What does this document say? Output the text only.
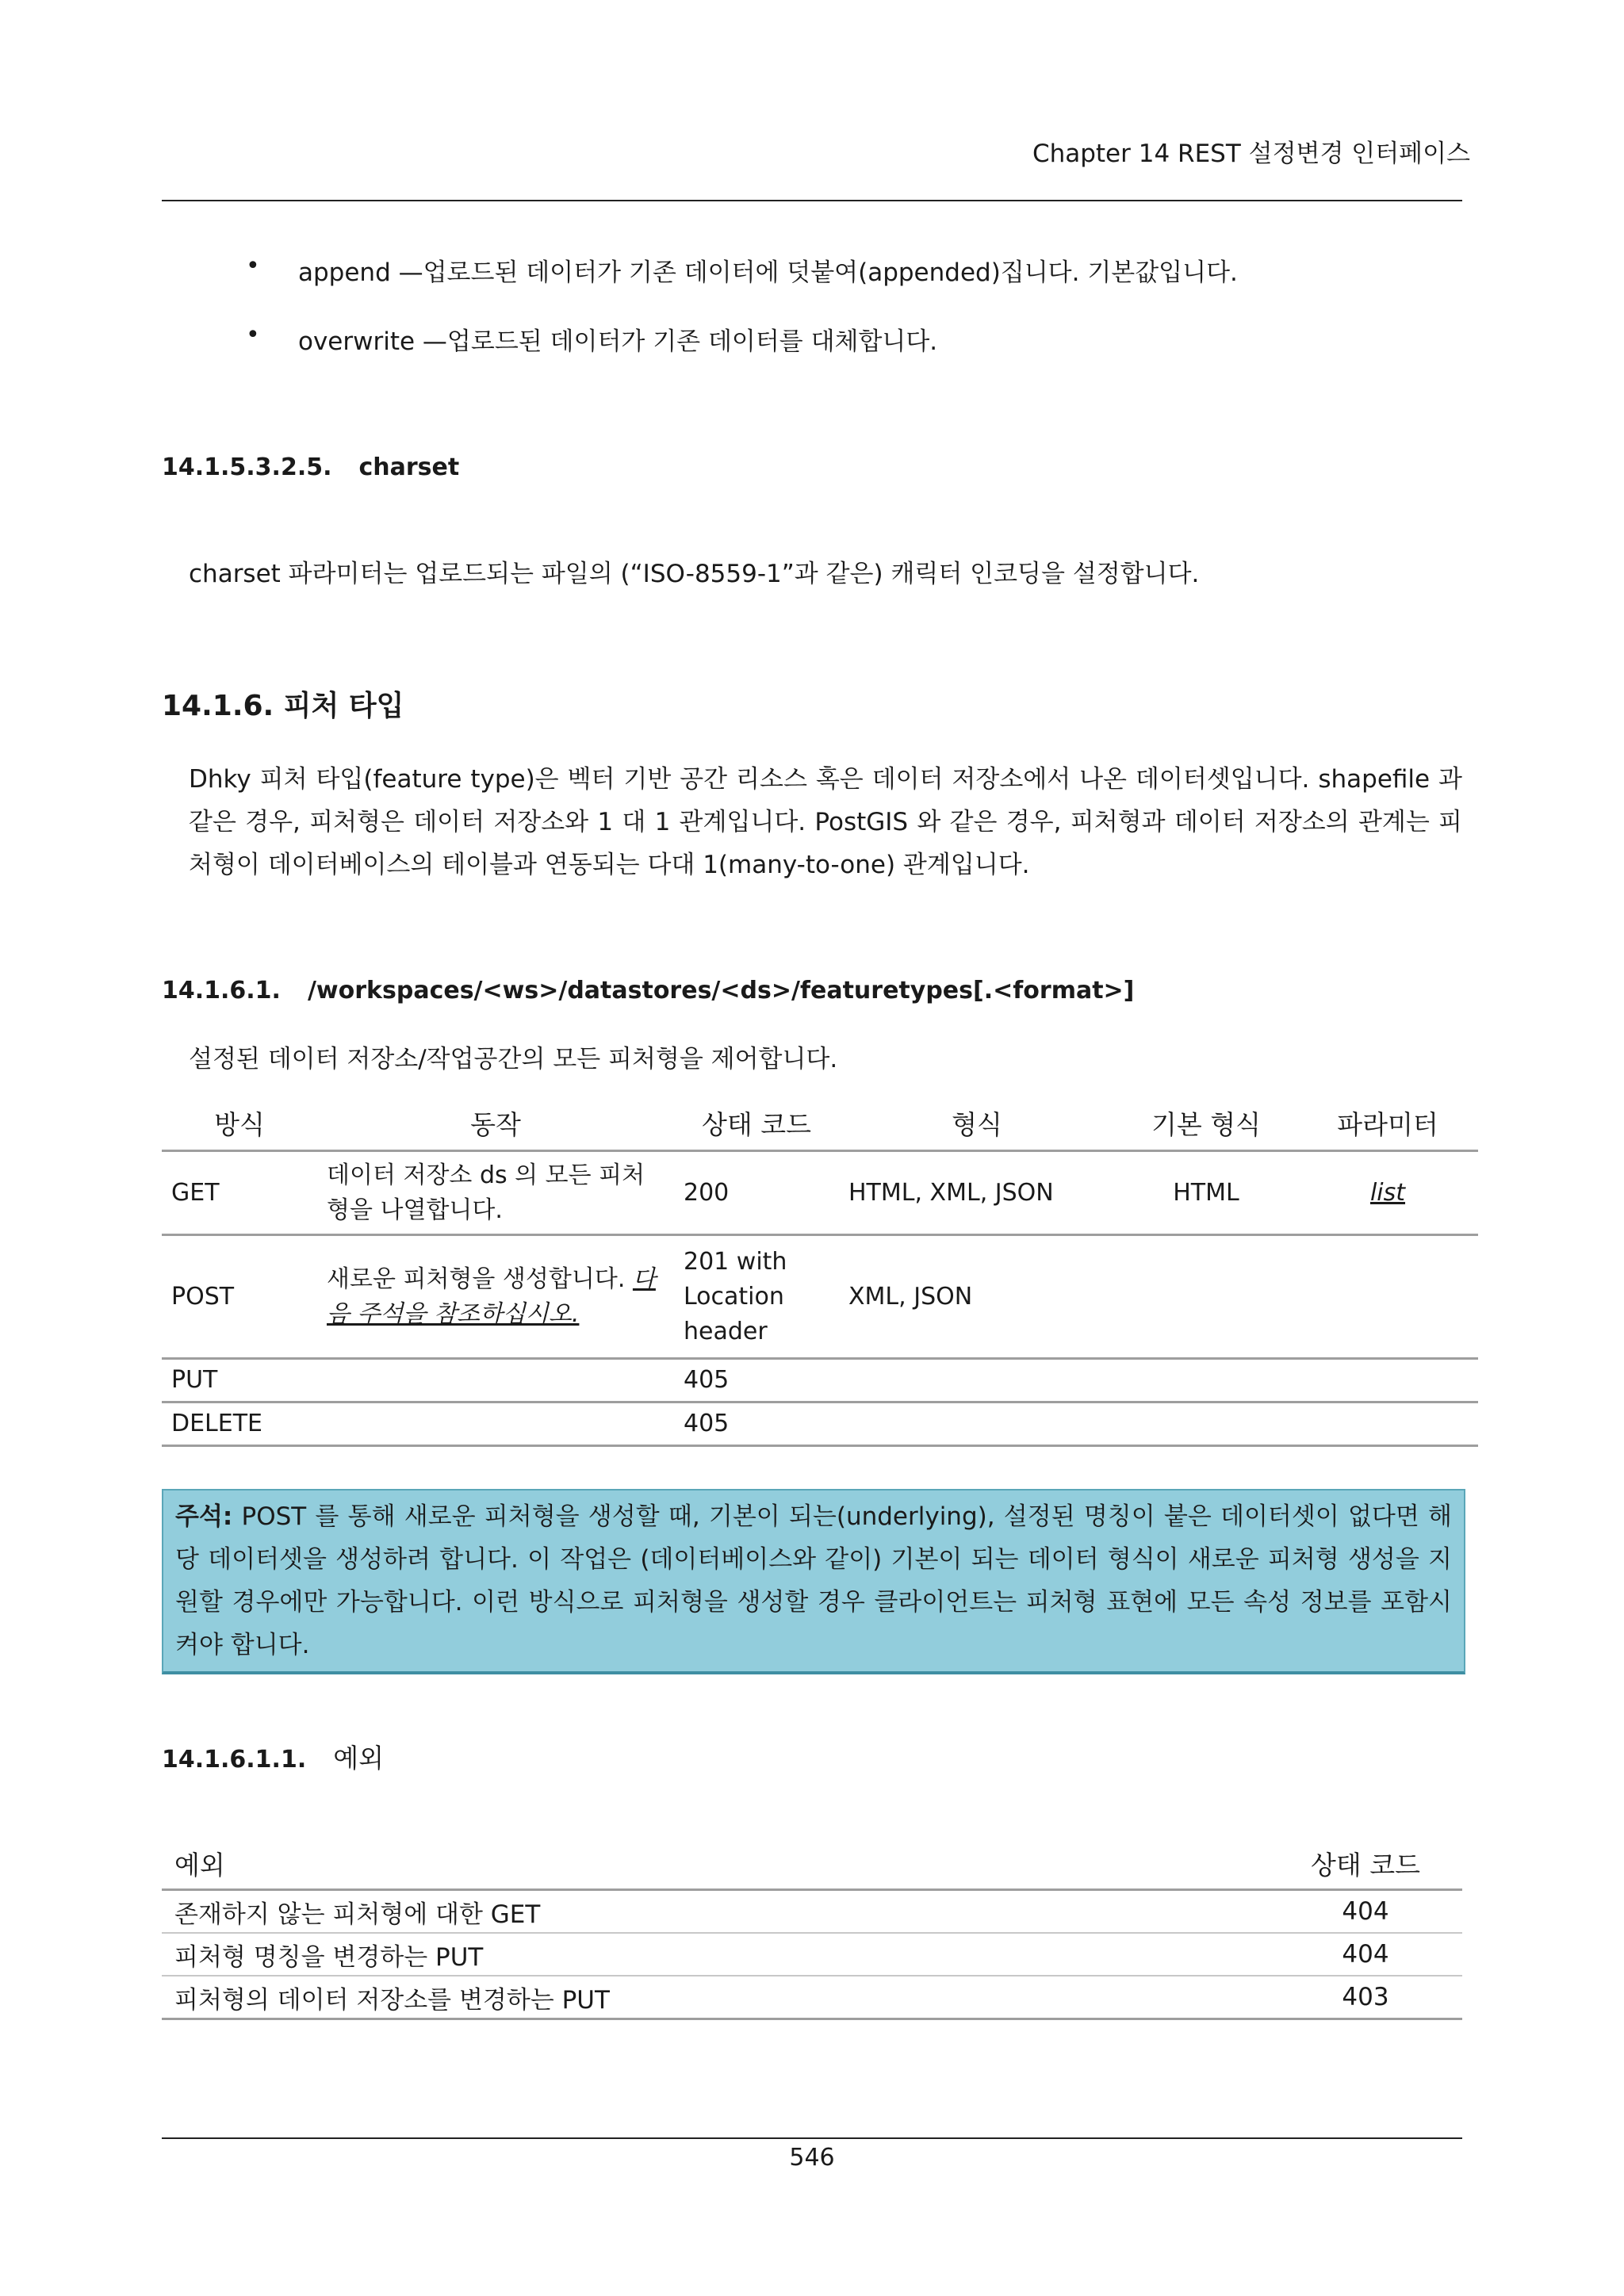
Chapter 14 REST 설정변경 인터페이스
• append —업로드된 데이터가 기존 데이터에 덧붙여(appended)집니다. 기본값입니다.
• overwrite —업로드된 데이터가 기존 데이터를 대체합니다.
14.1.5.3.2.5. charset
charset 파라미터는 업로드되는 파일의 (“ISO-8559-1”과 같은) 캐릭터 인코딩을 설정합니다.
14.1.6. 피처 타입

Dhky 피처 타입(feature type)은 벡터 기반 공간 리소스 혹은 데이터 저장소에서 나온 데이터셋입니다. shapefile 과 같은 경우, 피처형은 데이터 저장소와 1 대 1 관계입니다. PostGIS 와 같은 경우, 피처형과 데이터 저장소의 관계는 피처형이 데이터베이스의 테이블과 연동되는 다대 1(many-to-one) 관계입니다.

14.1.6.1. /workspaces/<ws>/datastores/<ds>/featuretypes[.<format>]
설정된 데이터 저장소/작업공간의 모든 피처형을 제어합니다.
방식	동작	상태 코드	형식	기본 형식	파라미터
GET	데이터 저장소 ds 의 모든 피처형을 나열합니다.	200	HTML, XML, JSON	HTML	list
POST	새로운 피처형을 생성합니다. 다음 주석을 참조하십시오.	201 with Location header	XML, JSON		
PUT		405			
DELETE		405			
주석: POST 를 통해 새로운 피처형을 생성할 때, 기본이 되는(underlying), 설정된 명칭이 붙은 데이터셋이 없다면 해당 데이터셋을 생성하려 합니다. 이 작업은 (데이터베이스와 같이) 기본이 되는 데이터 형식이 새로운 피처형 생성을 지원할 경우에만 가능합니다. 이런 방식으로 피처형을 생성할 경우 클라이언트는 피처형 표현에 모든 속성 정보를 포함시켜야 합니다.
14.1.6.1.1. 예외
예외	상태 코드
존재하지 않는 피처형에 대한 GET	404
피처형 명칭을 변경하는 PUT	404
피처형의 데이터 저장소를 변경하는 PUT	403
546
